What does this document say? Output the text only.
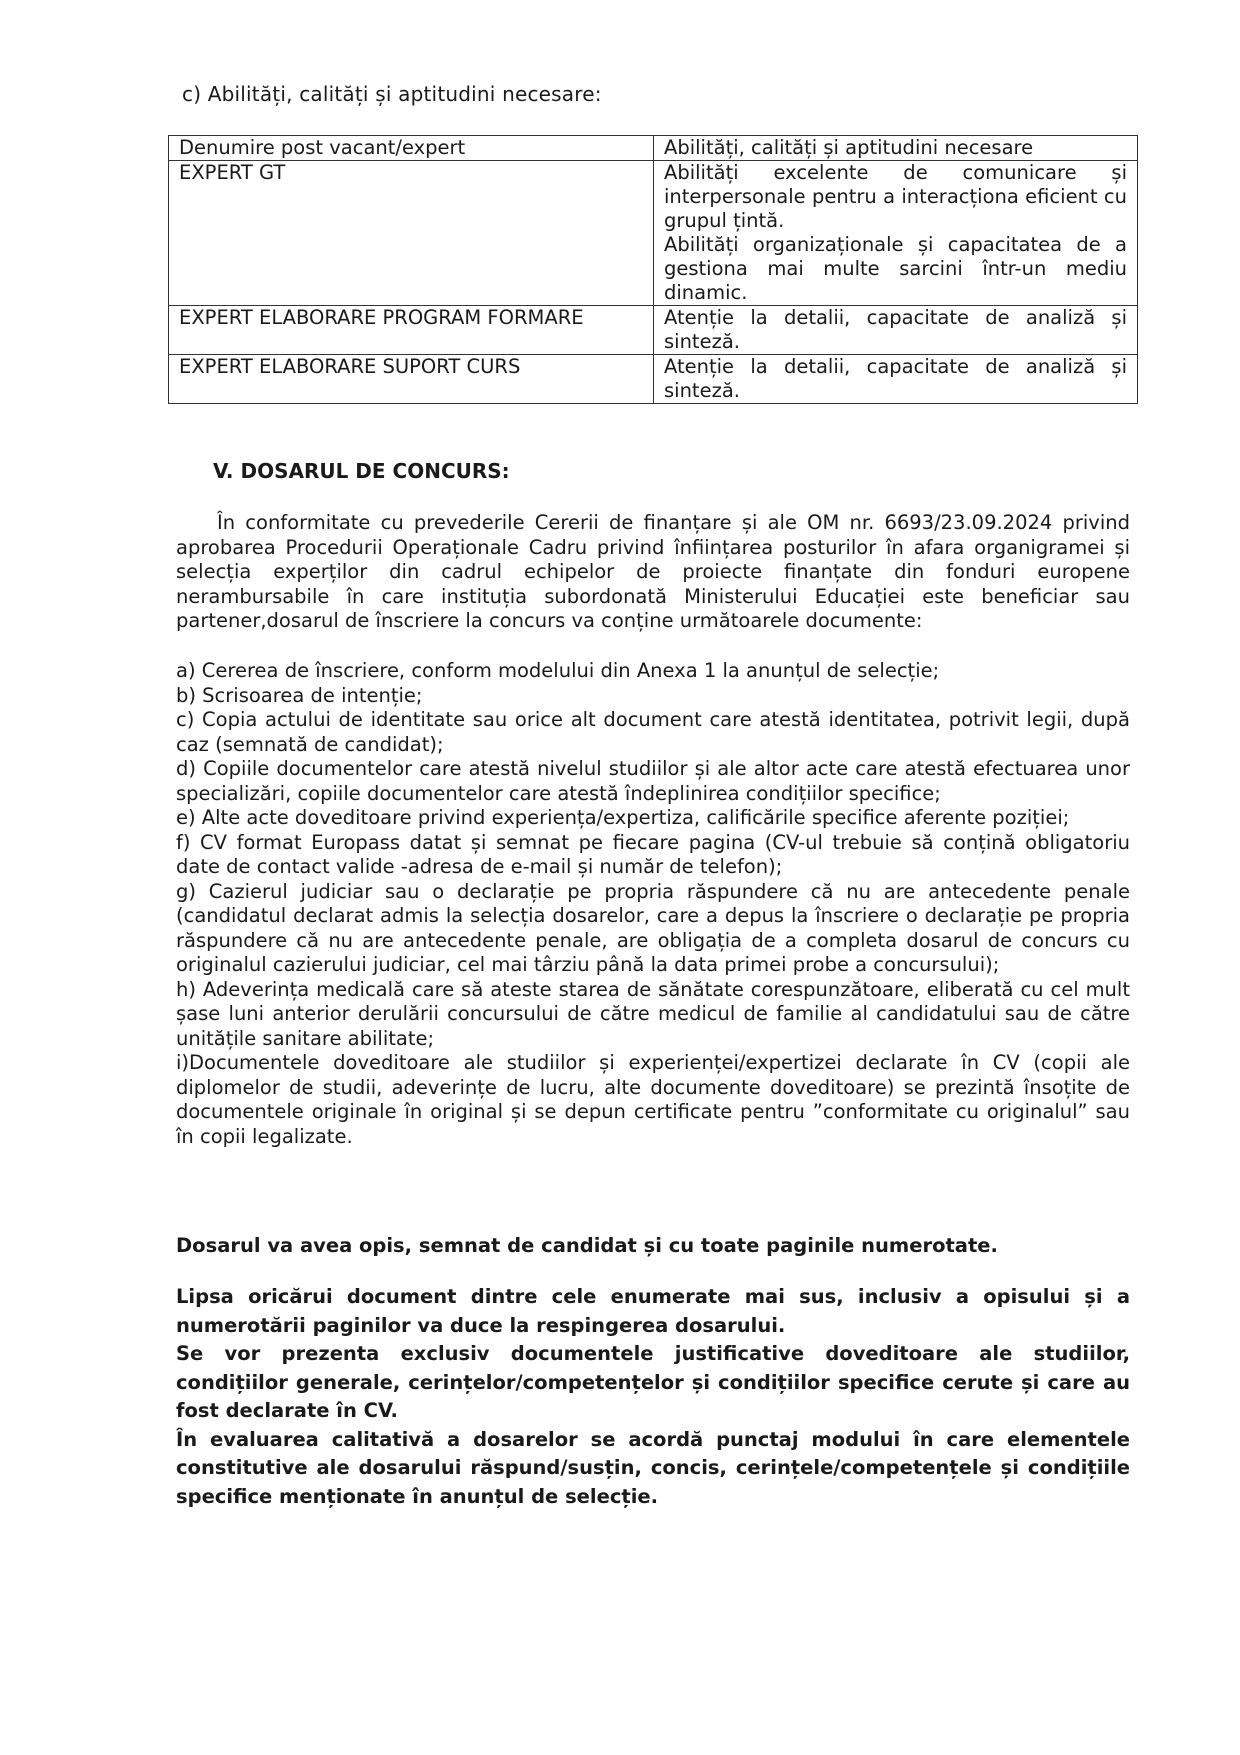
c) Abilități, calități și aptitudini necesare:
Denumire post vacant/expert	Abilități, calități și aptitudini necesare
EXPERT GT	Abilități excelente de comunicare și interpersonale pentru a interacționa eficient cu grupul țintă.

Abilități organizaționale și capacitatea de a gestiona mai multe sarcini într-un mediu dinamic.

EXPERT ELABORARE PROGRAM FORMARE	Atenție la detalii, capacitate de analiză și sinteză.

EXPERT ELABORARE SUPORT CURS	Atenție la detalii, capacitate de analiză și sinteză.

V. DOSARUL DE CONCURS:
În conformitate cu prevederile Cererii de finanțare și ale OM nr. 6693/23.09.2024 privind aprobarea Procedurii Operaționale Cadru privind înființarea posturilor în afara organigramei și selecția experților din cadrul echipelor de proiecte finanțate din fonduri europene nerambursabile în care instituția subordonată Ministerului Educației este beneficiar sau partener,dosarul de înscriere la concurs va conține următoarele documente:

a) Cererea de înscriere, conform modelului din Anexa 1 la anunțul de selecție;

b) Scrisoarea de intenție;

c) Copia actului de identitate sau orice alt document care atestă identitatea, potrivit legii, după caz (semnată de candidat);

d) Copiile documentelor care atestă nivelul studiilor și ale altor acte care atestă efectuarea unor specializări, copiile documentelor care atestă îndeplinirea condițiilor specifice;

e) Alte acte doveditoare privind experiența/expertiza, calificările specifice aferente poziției;

f) CV format Europass datat și semnat pe fiecare pagina (CV-ul trebuie să conțină obligatoriu date de contact valide -adresa de e-mail și număr de telefon);

g) Cazierul judiciar sau o declarație pe propria răspundere că nu are antecedente penale (candidatul declarat admis la selecția dosarelor, care a depus la înscriere o declarație pe propria răspundere că nu are antecedente penale, are obligația de a completa dosarul de concurs cu originalul cazierului judiciar, cel mai târziu până la data primei probe a concursului);

h) Adeverința medicală care să ateste starea de sănătate corespunzătoare, eliberată cu cel mult șase luni anterior derulării concursului de către medicul de familie al candidatului sau de către unitățile sanitare abilitate;

i)Documentele doveditoare ale studiilor și experienței/expertizei declarate în CV (copii ale diplomelor de studii, adeverințe de lucru, alte documente doveditoare) se prezintă însoțite de documentele originale în original și se depun certificate pentru ”conformitate cu originalul” sau în copii legalizate.

Dosarul va avea opis, semnat de candidat și cu toate paginile numerotate.

Lipsa oricărui document dintre cele enumerate mai sus, inclusiv a opisului și a numerotării paginilor va duce la respingerea dosarului.

Se vor prezenta exclusiv documentele justificative doveditoare ale studiilor, condițiilor generale, cerințelor/competențelor și condițiilor specifice cerute și care au fost declarate în CV.

În evaluarea calitativă a dosarelor se acordă punctaj modului în care elementele constitutive ale dosarului răspund/susțin, concis, cerințele/competențele și condițiile specifice menționate în anunțul de selecție.
